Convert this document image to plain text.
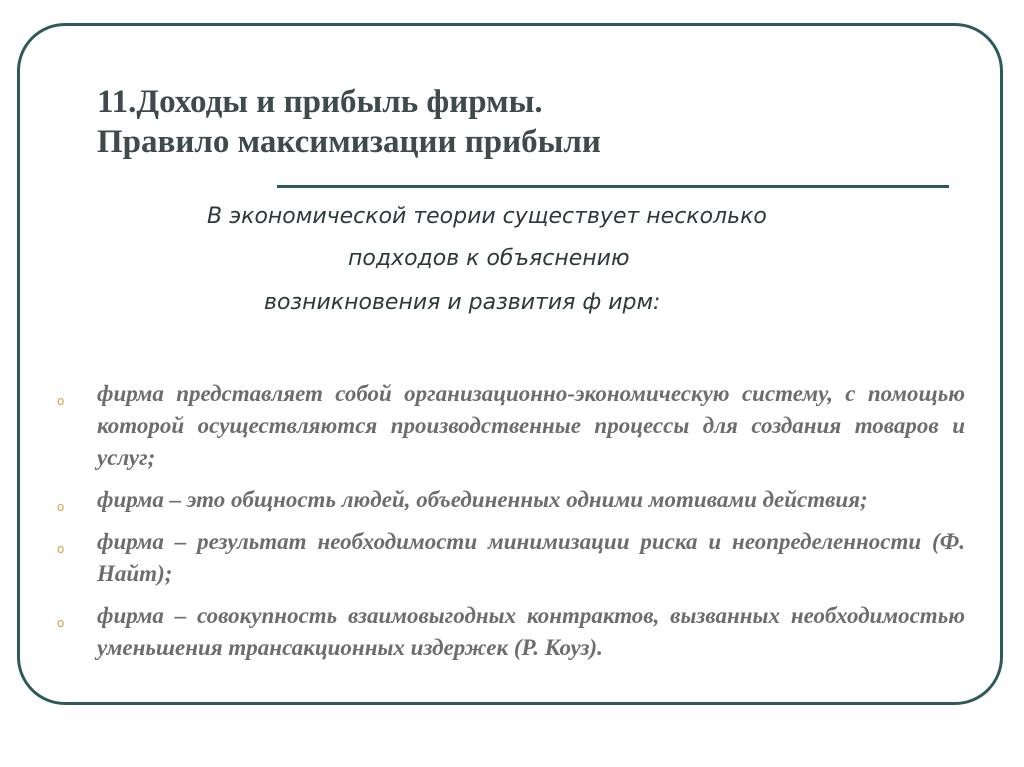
11.Доходы и прибыль фирмы.
Правило максимизации прибыли
В экономической теории существует несколько
подходов к объяснению
возникновения и развития ф ирм:
o фирма представляет собой организационно-экономическую систему, с помощью которой осуществляются производственные процессы для создания товаров и услуг;
o фирма – это общность людей, объединенных одними мотивами действия;
o фирма – результат необходимости минимизации риска и неопределенности (Ф. Найт);
o фирма – совокупность взаимовыгодных контрактов, вызванных необходимостью уменьшения трансакционных издержек (Р. Коуз).
